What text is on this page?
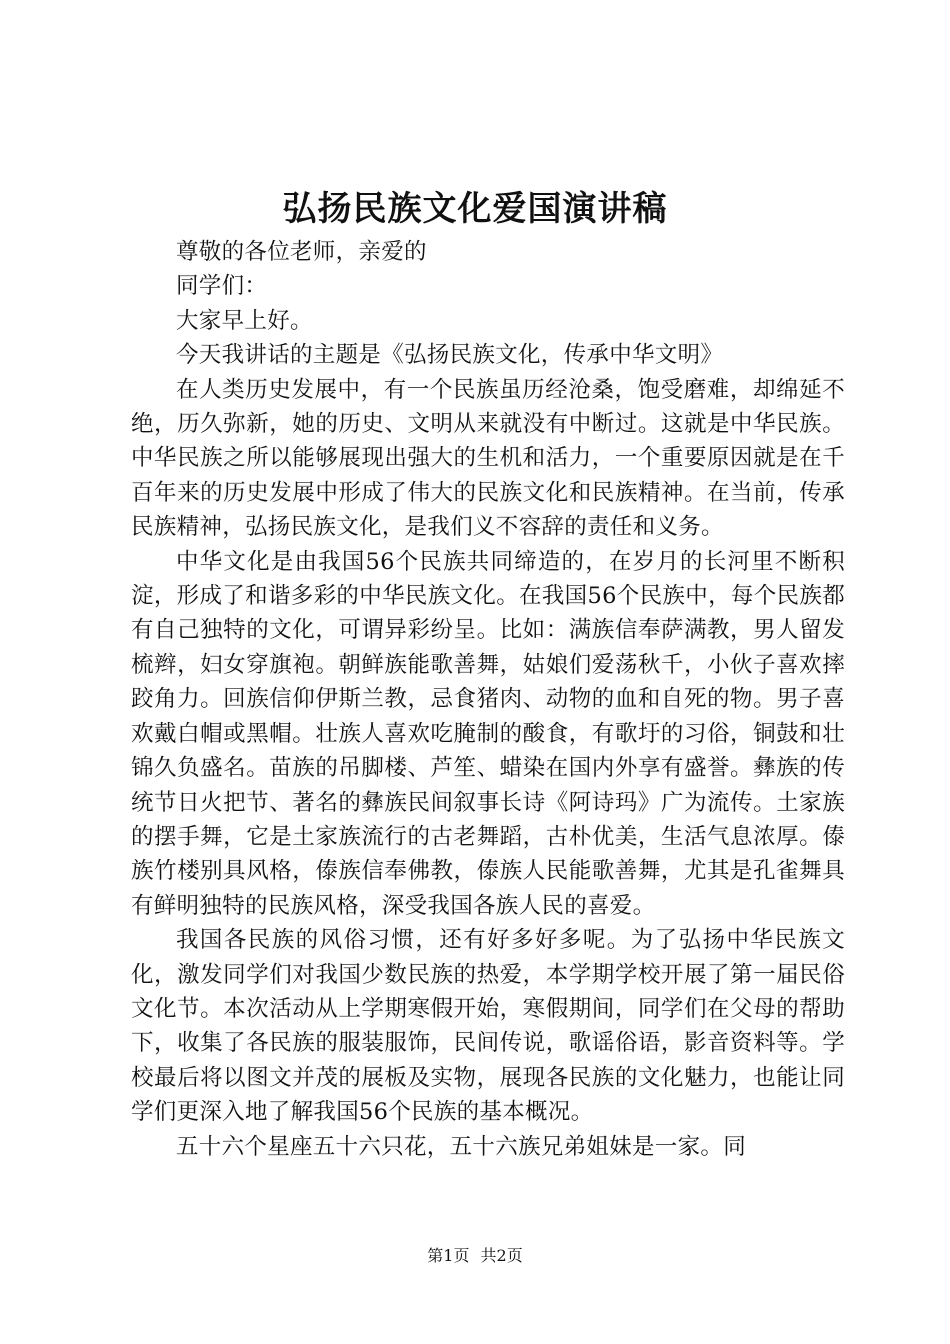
弘扬民族文化爱国演讲稿

尊敬的各位老师，亲爱的

同学们：

大家早上好。

今天我讲话的主题是《弘扬民族文化，传承中华文明》

在人类历史发展中，有一个民族虽历经沧桑，饱受磨难，却绵延不绝，历久弥新，她的历史、文明从来就没有中断过。这就是中华民族。中华民族之所以能够展现出强大的生机和活力，一个重要原因就是在千百年来的历史发展中形成了伟大的民族文化和民族精神。在当前，传承民族精神，弘扬民族文化，是我们义不容辞的责任和义务。

中华文化是由我国56个民族共同缔造的，在岁月的长河里不断积淀，形成了和谐多彩的中华民族文化。在我国56个民族中，每个民族都有自己独特的文化，可谓异彩纷呈。比如：满族信奉萨满教，男人留发梳辫，妇女穿旗袍。朝鲜族能歌善舞，姑娘们爱荡秋千，小伙子喜欢摔跤角力。回族信仰伊斯兰教，忌食猪肉、动物的血和自死的物。男子喜欢戴白帽或黑帽。壮族人喜欢吃腌制的酸食，有歌圩的习俗，铜鼓和壮锦久负盛名。苗族的吊脚楼、芦笙、蜡染在国内外享有盛誉。彝族的传统节日火把节、著名的彝族民间叙事长诗《阿诗玛》广为流传。土家族的摆手舞，它是土家族流行的古老舞蹈，古朴优美，生活气息浓厚。傣族竹楼别具风格，傣族信奉佛教，傣族人民能歌善舞，尤其是孔雀舞具有鲜明独特的民族风格，深受我国各族人民的喜爱。

我国各民族的风俗习惯，还有好多好多呢。为了弘扬中华民族文化，激发同学们对我国少数民族的热爱，本学期学校开展了第一届民俗文化节。本次活动从上学期寒假开始，寒假期间，同学们在父母的帮助下，收集了各民族的服装服饰，民间传说，歌谣俗语，影音资料等。学校最后将以图文并茂的展板及实物，展现各民族的文化魅力，也能让同学们更深入地了解我国56个民族的基本概况。

五十六个星座五十六只花，五十六族兄弟姐妹是一家。同

第1页 共2页
